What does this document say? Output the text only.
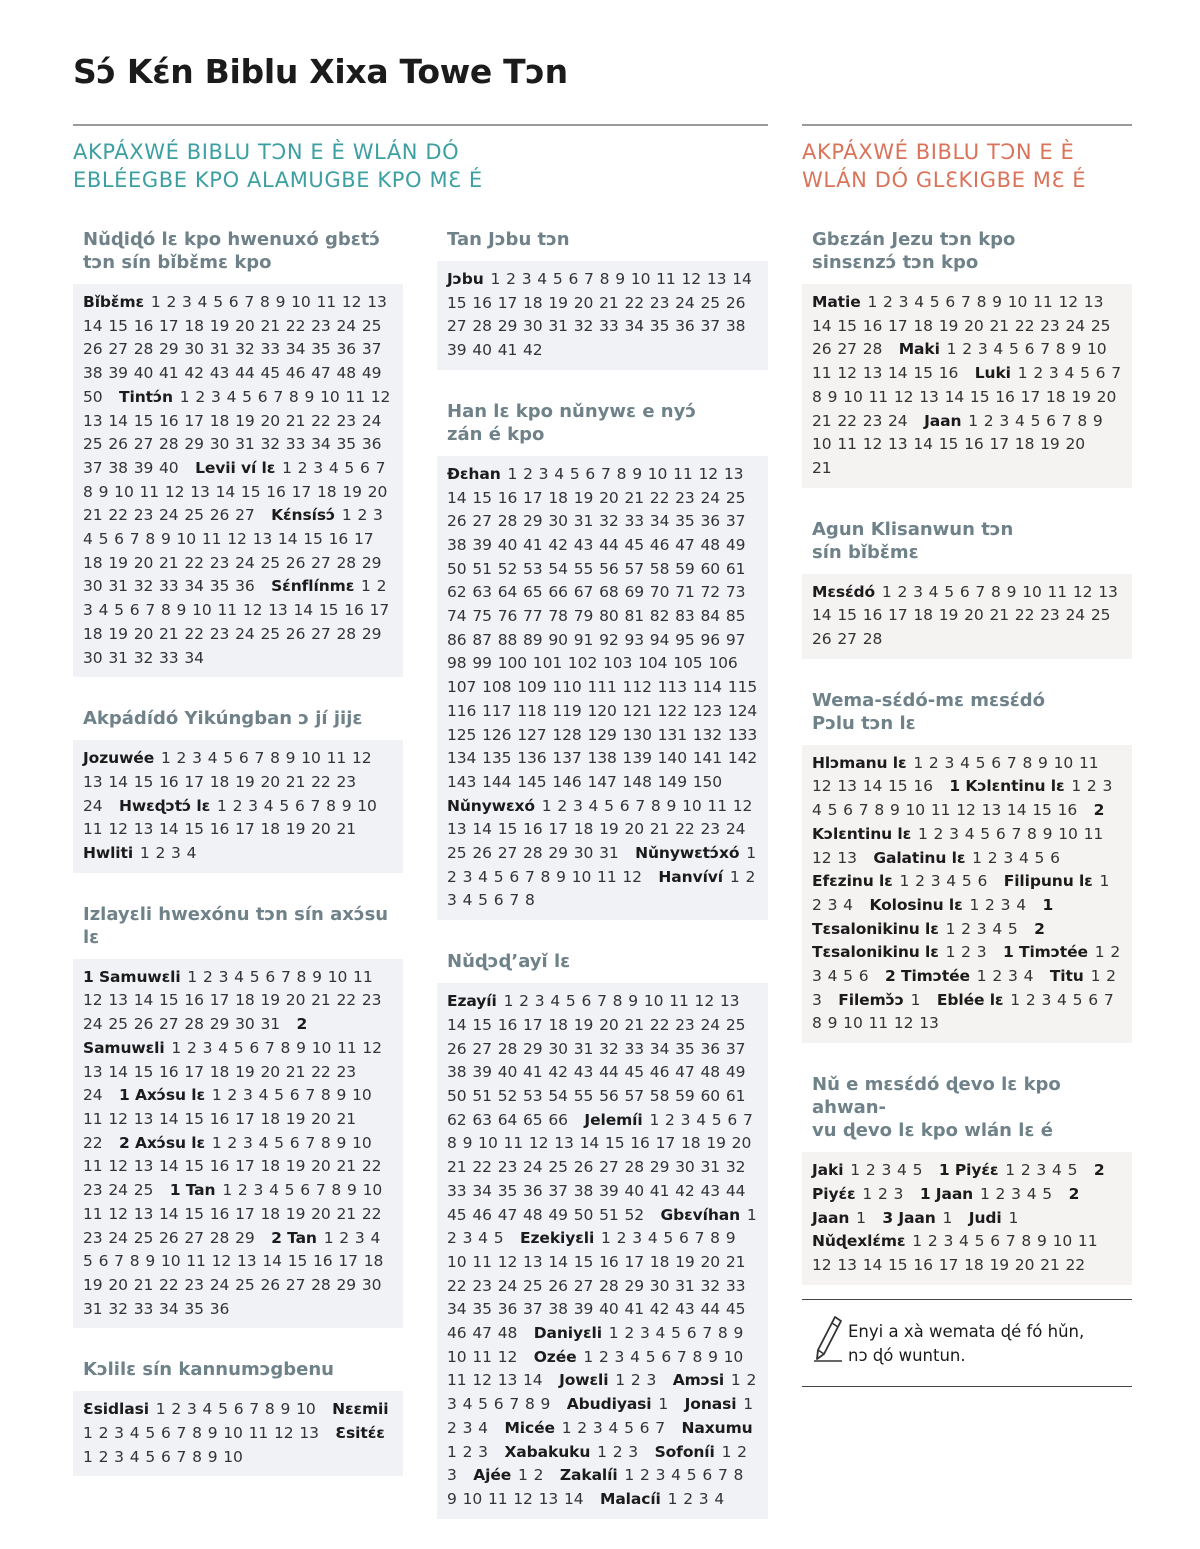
Sɔ́ Kɛ́n Biblu Xixa Towe Tɔn
AKPÁXWÉ BIBLU TƆN E È WLÁN DÓ
EBLÉEGBE KPO ALAMUGBE KPO MƐ É
AKPÁXWÉ BIBLU TƆN E È
WLÁN DÓ GLƐKIGBE MƐ É
Nǔɖiɖó lɛ kpo hwenuxó gbɛtɔ́
tɔn sín bǐbɛ̌mɛ kpo
Bǐbɛ̌mɛ 1 2 3 4 5 6 7 8 9 10 11 12 13 14 15 16 17 18 19 20 21 22 23 24 25 26 27 28 29 30 31 32 33 34 35 36 37 38 39 40 41 42 43 44 45 46 47 48 49 50 Tintɔ́n 1 2 3 4 5 6 7 8 9 10 11 12 13 14 15 16 17 18 19 20 21 22 23 24 25 26 27 28 29 30 31 32 33 34 35 36 37 38 39 40 Levii ví lɛ 1 2 3 4 5 6 7 8 9 10 11 12 13 14 15 16 17 18 19 20 21 22 23 24 25 26 27 Kɛ́nsísɔ́ 1 2 3 4 5 6 7 8 9 10 11 12 13 14 15 16 17 18 19 20 21 22 23 24 25 26 27 28 29 30 31 32 33 34 35 36 Sɛ́nflínmɛ 1 2 3 4 5 6 7 8 9 10 11 12 13 14 15 16 17 18 19 20 21 22 23 24 25 26 27 28 29 30 31 32 33 34
Akpádídó Yikúngban ɔ jí jijɛ
Jozuwée 1 2 3 4 5 6 7 8 9 10 11 12 13 14 15 16 17 18 19 20 21 22 23 24 Hwɛɖɔtɔ́ lɛ 1 2 3 4 5 6 7 8 9 10 11 12 13 14 15 16 17 18 19 20 21 Hwliti 1 2 3 4
Izlayɛli hwexónu tɔn sín axɔ́su lɛ
1 Samuwɛli 1 2 3 4 5 6 7 8 9 10 11 12 13 14 15 16 17 18 19 20 21 22 23 24 25 26 27 28 29 30 31 2 Samuwɛli 1 2 3 4 5 6 7 8 9 10 11 12 13 14 15 16 17 18 19 20 21 22 23 24 1 Axɔ́su lɛ 1 2 3 4 5 6 7 8 9 10 11 12 13 14 15 16 17 18 19 20 21 22 2 Axɔ́su lɛ 1 2 3 4 5 6 7 8 9 10 11 12 13 14 15 16 17 18 19 20 21 22 23 24 25 1 Tan 1 2 3 4 5 6 7 8 9 10 11 12 13 14 15 16 17 18 19 20 21 22 23 24 25 26 27 28 29 2 Tan 1 2 3 4 5 6 7 8 9 10 11 12 13 14 15 16 17 18 19 20 21 22 23 24 25 26 27 28 29 30 31 32 33 34 35 36
Kɔlilɛ sín kannumɔgbenu
Ɛsidlasi 1 2 3 4 5 6 7 8 9 10 Nɛɛmii 1 2 3 4 5 6 7 8 9 10 11 12 13 Ɛsitɛ́ɛ 1 2 3 4 5 6 7 8 9 10
Tan Jɔbu tɔn
Jɔbu 1 2 3 4 5 6 7 8 9 10 11 12 13 14 15 16 17 18 19 20 21 22 23 24 25 26 27 28 29 30 31 32 33 34 35 36 37 38 39 40 41 42
Han lɛ kpo nǔnywɛ e nyɔ́
zán é kpo
Ɖɛhan 1 2 3 4 5 6 7 8 9 10 11 12 13 14 15 16 17 18 19 20 21 22 23 24 25 26 27 28 29 30 31 32 33 34 35 36 37 38 39 40 41 42 43 44 45 46 47 48 49 50 51 52 53 54 55 56 57 58 59 60 61 62 63 64 65 66 67 68 69 70 71 72 73 74 75 76 77 78 79 80 81 82 83 84 85 86 87 88 89 90 91 92 93 94 95 96 97 98 99 100 101 102 103 104 105 106 107 108 109 110 111 112 113 114 115 116 117 118 119 120 121 122 123 124 125 126 127 128 129 130 131 132 133 134 135 136 137 138 139 140 141 142 143 144 145 146 147 148 149 150 Nǔnywɛxó 1 2 3 4 5 6 7 8 9 10 11 12 13 14 15 16 17 18 19 20 21 22 23 24 25 26 27 28 29 30 31 Nǔnywɛtɔ́xó 1 2 3 4 5 6 7 8 9 10 11 12 Hanvíví 1 2 3 4 5 6 7 8
Nǔɖɔɖ’ayǐ lɛ
Ezayíi 1 2 3 4 5 6 7 8 9 10 11 12 13 14 15 16 17 18 19 20 21 22 23 24 25 26 27 28 29 30 31 32 33 34 35 36 37 38 39 40 41 42 43 44 45 46 47 48 49 50 51 52 53 54 55 56 57 58 59 60 61 62 63 64 65 66 Jelemíi 1 2 3 4 5 6 7 8 9 10 11 12 13 14 15 16 17 18 19 20 21 22 23 24 25 26 27 28 29 30 31 32 33 34 35 36 37 38 39 40 41 42 43 44 45 46 47 48 49 50 51 52 Gbɛvíhan 1 2 3 4 5 Ezekiyɛli 1 2 3 4 5 6 7 8 9 10 11 12 13 14 15 16 17 18 19 20 21 22 23 24 25 26 27 28 29 30 31 32 33 34 35 36 37 38 39 40 41 42 43 44 45 46 47 48 Daniyɛli 1 2 3 4 5 6 7 8 9 10 11 12 Ozée 1 2 3 4 5 6 7 8 9 10 11 12 13 14 Jowɛli 1 2 3 Amɔsi 1 2 3 4 5 6 7 8 9 Abudiyasi 1 Jonasi 1 2 3 4 Micée 1 2 3 4 5 6 7 Naxumu 1 2 3 Xabakuku 1 2 3 Sofoníi 1 2 3 Ajée 1 2 Zakalíi 1 2 3 4 5 6 7 8 9 10 11 12 13 14 Malacíi 1 2 3 4
Gbɛzán Jezu tɔn kpo
sinsɛnzɔ́ tɔn kpo
Matie 1 2 3 4 5 6 7 8 9 10 11 12 13 14 15 16 17 18 19 20 21 22 23 24 25 26 27 28 Maki 1 2 3 4 5 6 7 8 9 10 11 12 13 14 15 16 Luki 1 2 3 4 5 6 7 8 9 10 11 12 13 14 15 16 17 18 19 20 21 22 23 24 Jaan 1 2 3 4 5 6 7 8 9 10 11 12 13 14 15 16 17 18 19 20 21
Agun Klisanwun tɔn
sín bǐbɛ̌mɛ
Mɛsɛ́dó 1 2 3 4 5 6 7 8 9 10 11 12 13 14 15 16 17 18 19 20 21 22 23 24 25 26 27 28
Wema-sɛ́dó-mɛ mɛsɛ́dó
Pɔlu tɔn lɛ
Hlɔmanu lɛ 1 2 3 4 5 6 7 8 9 10 11 12 13 14 15 16 1 Kɔlɛntinu lɛ 1 2 3 4 5 6 7 8 9 10 11 12 13 14 15 16 2 Kɔlɛntinu lɛ 1 2 3 4 5 6 7 8 9 10 11 12 13 Galatinu lɛ 1 2 3 4 5 6 Efɛzinu lɛ 1 2 3 4 5 6 Filipunu lɛ 1 2 3 4 Kolosinu lɛ 1 2 3 4 1 Tɛsalonikinu lɛ 1 2 3 4 5 2 Tɛsalonikinu lɛ 1 2 3 1 Timɔtée 1 2 3 4 5 6 2 Timɔtée 1 2 3 4 Titu 1 2 3 Filemɔ̌ɔ 1 Eblée lɛ 1 2 3 4 5 6 7 8 9 10 11 12 13
Nǔ e mɛsɛ́dó ɖevo lɛ kpo ahwan-
vu ɖevo lɛ kpo wlán lɛ é
Jaki 1 2 3 4 5 1 Piyɛ́ɛ 1 2 3 4 5 2 Piyɛ́ɛ 1 2 3 1 Jaan 1 2 3 4 5 2 Jaan 1 3 Jaan 1 Judi 1 Nǔɖexlɛ́mɛ 1 2 3 4 5 6 7 8 9 10 11 12 13 14 15 16 17 18 19 20 21 22
Enyi a xà wemata ɖé fó hǔn,
nɔ ɖó wuntun.
